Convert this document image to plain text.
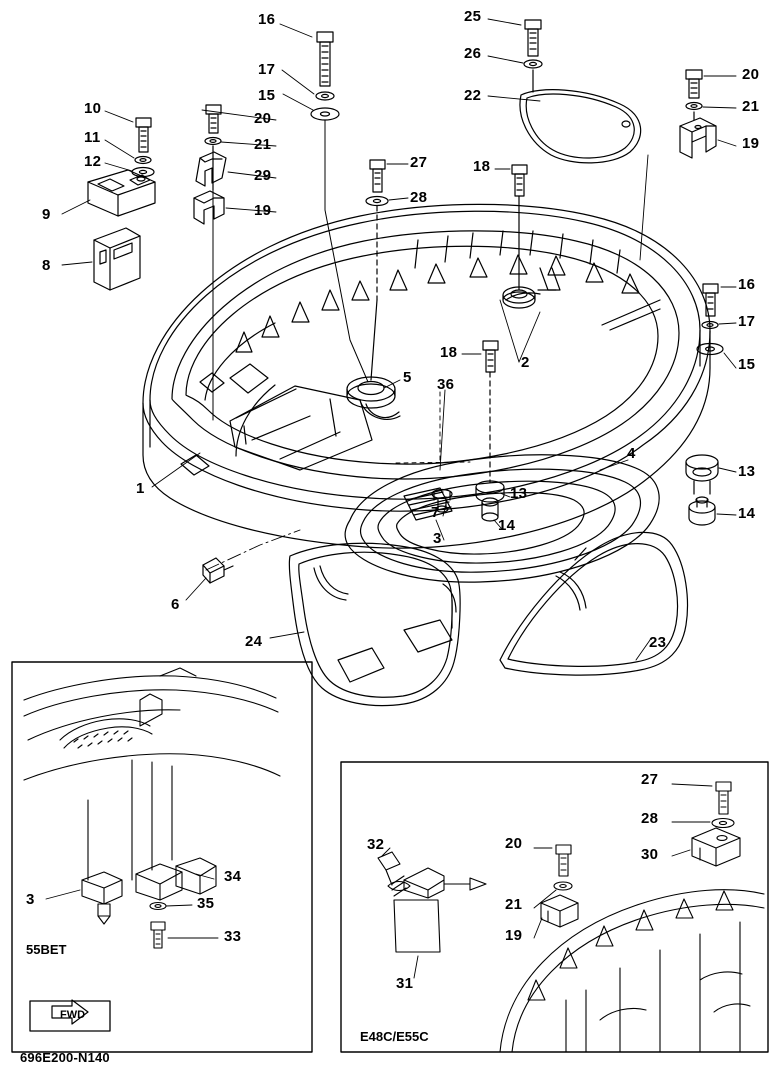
16	25
26
17	20
15	22
21
10
20
11	21	19
12	27
29
18
28
9	19
8
16
17
18
2	15
5 36
1
4
13
13
7	14
14
3
6
24	23
27
28
30
32	20
21
19
3
34
35
33
31
55BET
E48C/E55C
FWD
696E200-N140
